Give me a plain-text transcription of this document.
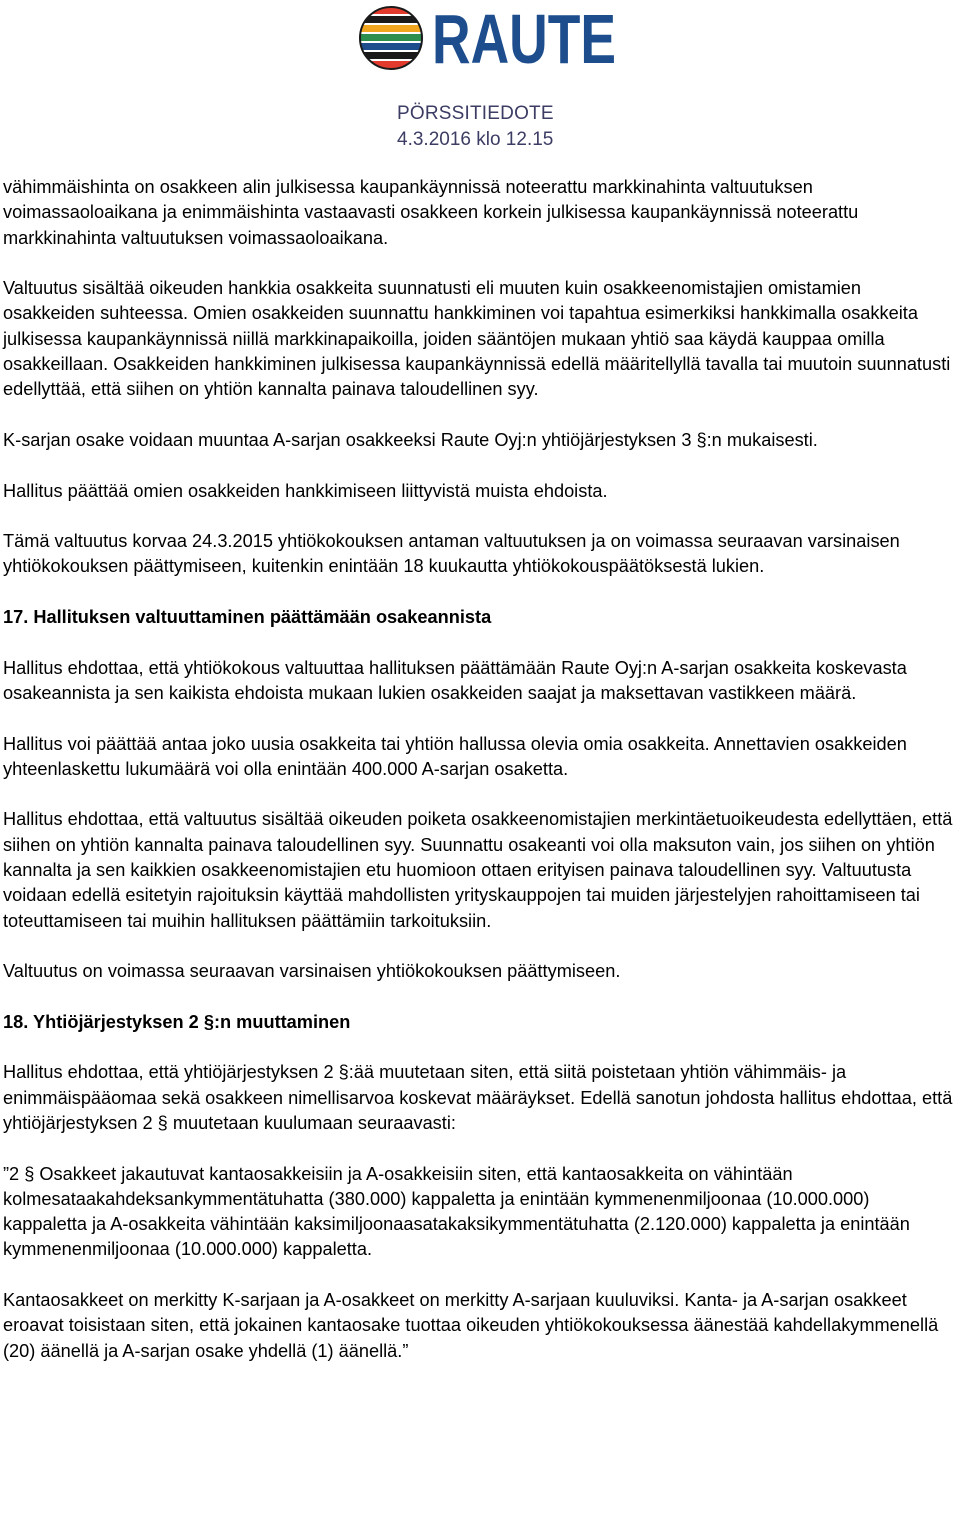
RAUTE
PÖRSSITIEDOTE
4.3.2016 klo 12.15

vähimmäishinta on osakkeen alin julkisessa kaupankäynnissä noteerattu markkinahinta valtuutuksen voimassaoloaikana ja enimmäishinta vastaavasti osakkeen korkein julkisessa kaupankäynnissä noteerattu markkinahinta valtuutuksen voimassaoloaikana.

Valtuutus sisältää oikeuden hankkia osakkeita suunnatusti eli muuten kuin osakkeenomistajien omistamien osakkeiden suhteessa. Omien osakkeiden suunnattu hankkiminen voi tapahtua esimerkiksi hankkimalla osakkeita julkisessa kaupankäynnissä niillä markkinapaikoilla, joiden sääntöjen mukaan yhtiö saa käydä kauppaa omilla osakkeillaan. Osakkeiden hankkiminen julkisessa kaupankäynnissä edellä määritellyllä tavalla tai muutoin suunnatusti edellyttää, että siihen on yhtiön kannalta painava taloudellinen syy.

K-sarjan osake voidaan muuntaa A-sarjan osakkeeksi Raute Oyj:n yhtiöjärjestyksen 3 §:n mukaisesti.

Hallitus päättää omien osakkeiden hankkimiseen liittyvistä muista ehdoista.

Tämä valtuutus korvaa 24.3.2015 yhtiökokouksen antaman valtuutuksen ja on voimassa seuraavan varsinaisen yhtiökokouksen päättymiseen, kuitenkin enintään 18 kuukautta yhtiökokouspäätöksestä lukien.

17. Hallituksen valtuuttaminen päättämään osakeannista

Hallitus ehdottaa, että yhtiökokous valtuuttaa hallituksen päättämään Raute Oyj:n A-sarjan osakkeita koskevasta osakeannista ja sen kaikista ehdoista mukaan lukien osakkeiden saajat ja maksettavan vastikkeen määrä.

Hallitus voi päättää antaa joko uusia osakkeita tai yhtiön hallussa olevia omia osakkeita. Annettavien osakkeiden yhteenlaskettu lukumäärä voi olla enintään 400.000 A-sarjan osaketta.

Hallitus ehdottaa, että valtuutus sisältää oikeuden poiketa osakkeenomistajien merkintäetuoikeudesta edellyttäen, että siihen on yhtiön kannalta painava taloudellinen syy. Suunnattu osakeanti voi olla maksuton vain, jos siihen on yhtiön kannalta ja sen kaikkien osakkeenomistajien etu huomioon ottaen erityisen painava taloudellinen syy. Valtuutusta voidaan edellä esitetyin rajoituksin käyttää mahdollisten yrityskauppojen tai muiden järjestelyjen rahoittamiseen tai toteuttamiseen tai muihin hallituksen päättämiin tarkoituksiin.

Valtuutus on voimassa seuraavan varsinaisen yhtiökokouksen päättymiseen.

18. Yhtiöjärjestyksen 2 §:n muuttaminen

Hallitus ehdottaa, että yhtiöjärjestyksen 2 §:ää muutetaan siten, että siitä poistetaan yhtiön vähimmäis- ja enimmäispääomaa sekä osakkeen nimellisarvoa koskevat määräykset. Edellä sanotun johdosta hallitus ehdottaa, että yhtiöjärjestyksen 2 § muutetaan kuulumaan seuraavasti:

”2 § Osakkeet jakautuvat kantaosakkeisiin ja A-osakkeisiin siten, että kantaosakkeita on vähintään kolmesataakahdeksankymmentätuhatta (380.000) kappaletta ja enintään kymmenenmiljoonaa (10.000.000) kappaletta ja A-osakkeita vähintään kaksimiljoonaasatakaksikymmentätuhatta (2.120.000) kappaletta ja enintään kymmenenmiljoonaa (10.000.000) kappaletta.

Kantaosakkeet on merkitty K-sarjaan ja A-osakkeet on merkitty A-sarjaan kuuluviksi. Kanta- ja A-sarjan osakkeet eroavat toisistaan siten, että jokainen kantaosake tuottaa oikeuden yhtiökokouksessa äänestää kahdellakymmenellä (20) äänellä ja A-sarjan osake yhdellä (1) äänellä.”
